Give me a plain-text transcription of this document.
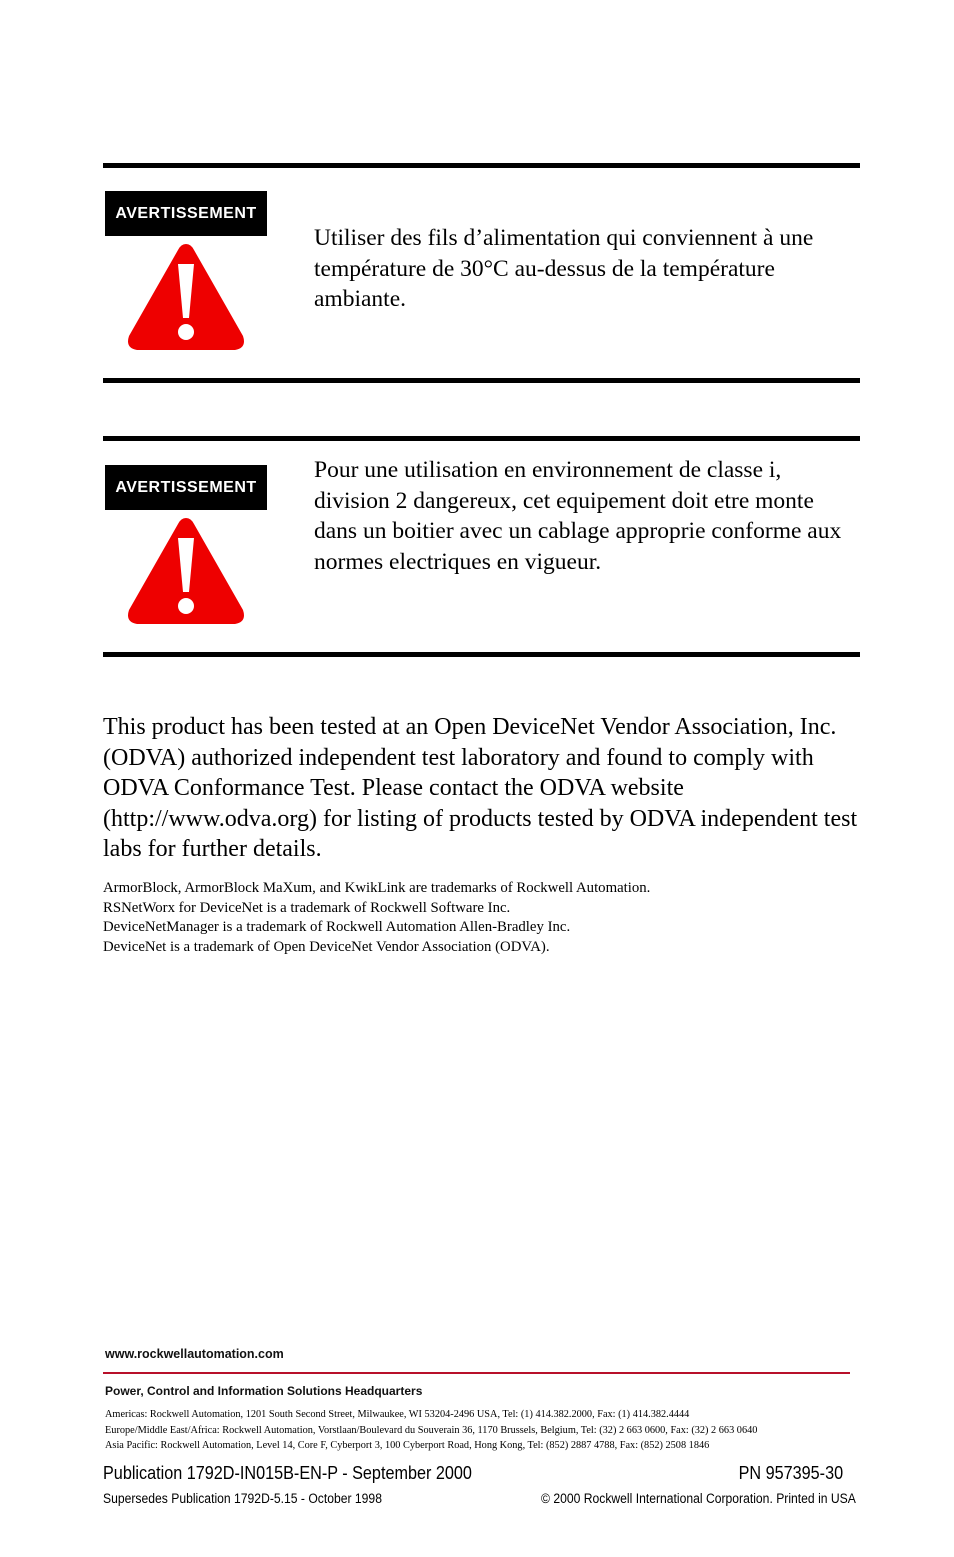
AVERTISSEMENT
Utiliser des fils d’alimentation qui conviennent à une température de 30°C au-dessus de la température ambiante.
AVERTISSEMENT
Pour une utilisation en environnement de classe i, division 2 dangereux, cet equipement doit etre monte dans un boitier avec un cablage approprie conforme aux normes electriques en vigueur.
This product has been tested at an Open DeviceNet Vendor Association, Inc. (ODVA) authorized independent test laboratory and found to comply with ODVA Conformance Test. Please contact the ODVA website (http://www.odva.org) for listing of products tested by ODVA independent test labs for further details.
ArmorBlock, ArmorBlock MaXum, and KwikLink are trademarks of Rockwell Automation.
RSNetWorx for DeviceNet is a trademark of Rockwell Software Inc.
DeviceNetManager is a trademark of Rockwell Automation Allen-Bradley Inc.
DeviceNet is a trademark of Open DeviceNet Vendor Association (ODVA).
www.rockwellautomation.com
Power, Control and Information Solutions Headquarters
Americas: Rockwell Automation, 1201 South Second Street, Milwaukee, WI 53204-2496 USA, Tel: (1) 414.382.2000, Fax: (1) 414.382.4444
Europe/Middle East/Africa: Rockwell Automation, Vorstlaan/Boulevard du Souverain 36, 1170 Brussels, Belgium, Tel: (32) 2 663 0600, Fax: (32) 2 663 0640
Asia Pacific: Rockwell Automation, Level 14, Core F, Cyberport 3, 100 Cyberport Road, Hong Kong, Tel: (852) 2887 4788, Fax: (852) 2508 1846
Publication 1792D-IN015B-EN-P - September 2000	PN 957395-30
Supersedes Publication 1792D-5.15 - October 1998	© 2000 Rockwell International Corporation. Printed in USA
